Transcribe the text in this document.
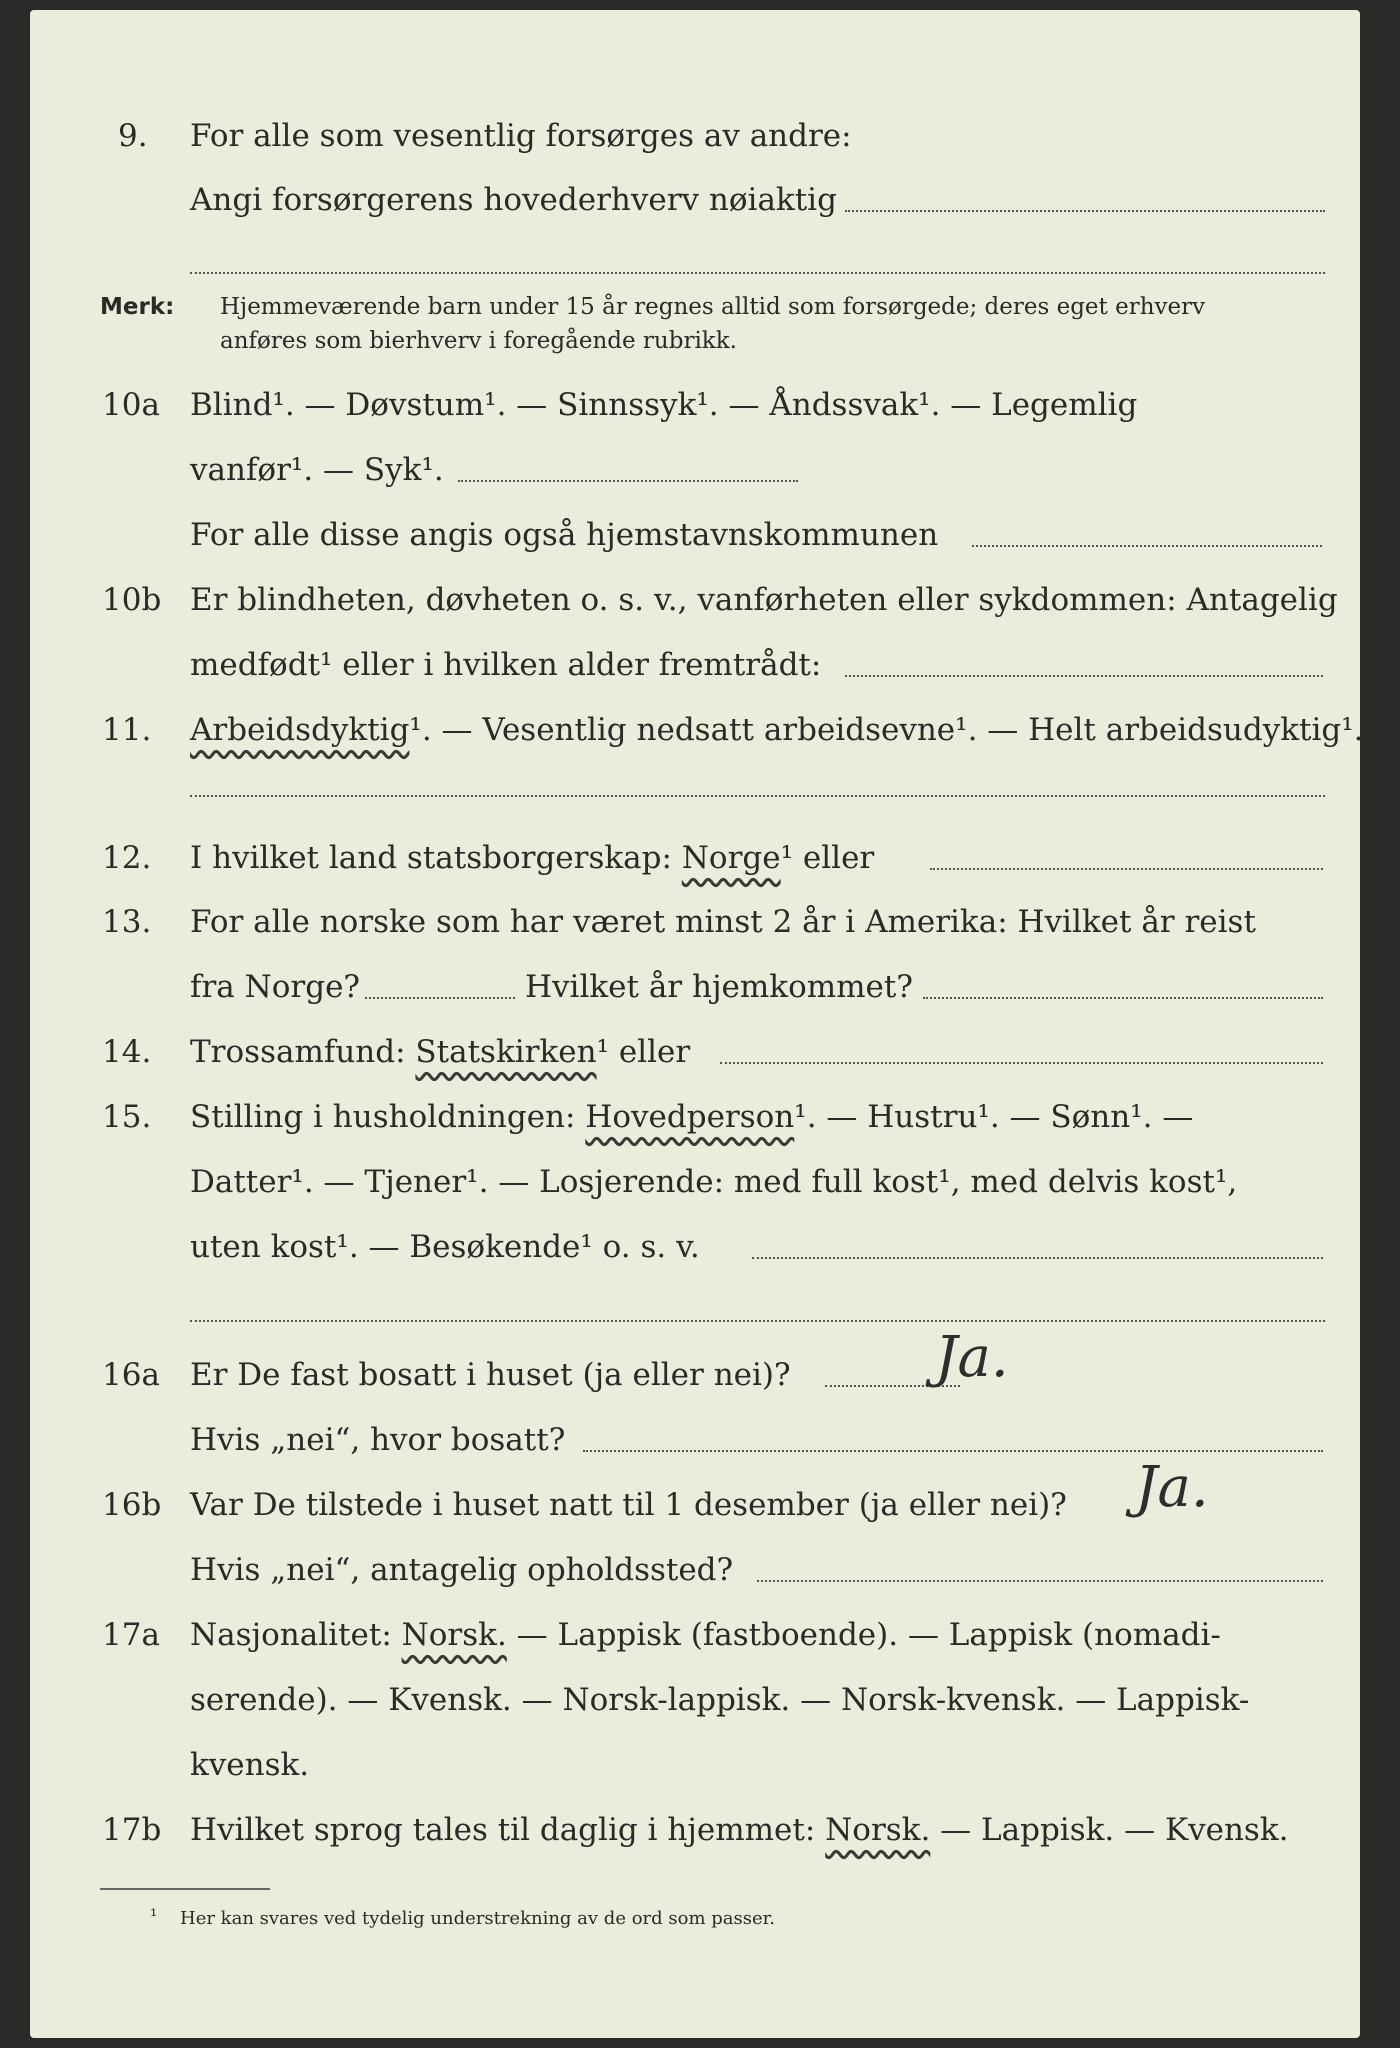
9. For alle som vesentlig forsørges av andre:
Angi forsørgerens hovederhverv nøiaktig
Merk: Hjemmeværende barn under 15 år regnes alltid som forsørgede; deres eget erhverv
anføres som bierhverv i foregående rubrikk.
10a Blind¹. — Døvstum¹. — Sinnssyk¹. — Åndssvak¹. — Legemlig
vanfør¹. — Syk¹.
For alle disse angis også hjemstavnskommunen
10b Er blindheten, døvheten o. s. v., vanførheten eller sykdommen: Antagelig
medfødt¹ eller i hvilken alder fremtrådt:
11. Arbeidsdyktig¹. — Vesentlig nedsatt arbeidsevne¹. — Helt arbeidsudyktig¹.
12. I hvilket land statsborgerskap: Norge¹ eller
13. For alle norske som har været minst 2 år i Amerika: Hvilket år reist
fra Norge?	Hvilket år hjemkommet?
14. Trossamfund: Statskirken¹ eller
15. Stilling i husholdningen: Hovedperson¹. — Hustru¹. — Sønn¹. —
Datter¹. — Tjener¹. — Losjerende: med full kost¹, med delvis kost¹,
uten kost¹. — Besøkende¹ o. s. v.
16a Er De fast bosatt i huset (ja eller nei)?	Ja.
Hvis „nei“, hvor bosatt?
16b Var De tilstede i huset natt til 1 desember (ja eller nei)? Ja.
Hvis „nei“, antagelig opholdssted?
17a Nasjonalitet: Norsk. — Lappisk (fastboende). — Lappisk (nomadi-
serende). — Kvensk. — Norsk-lappisk. — Norsk-kvensk. — Lappisk-
kvensk.
17b Hvilket sprog tales til daglig i hjemmet: Norsk. — Lappisk. — Kvensk.
¹ Her kan svares ved tydelig understrekning av de ord som passer.
